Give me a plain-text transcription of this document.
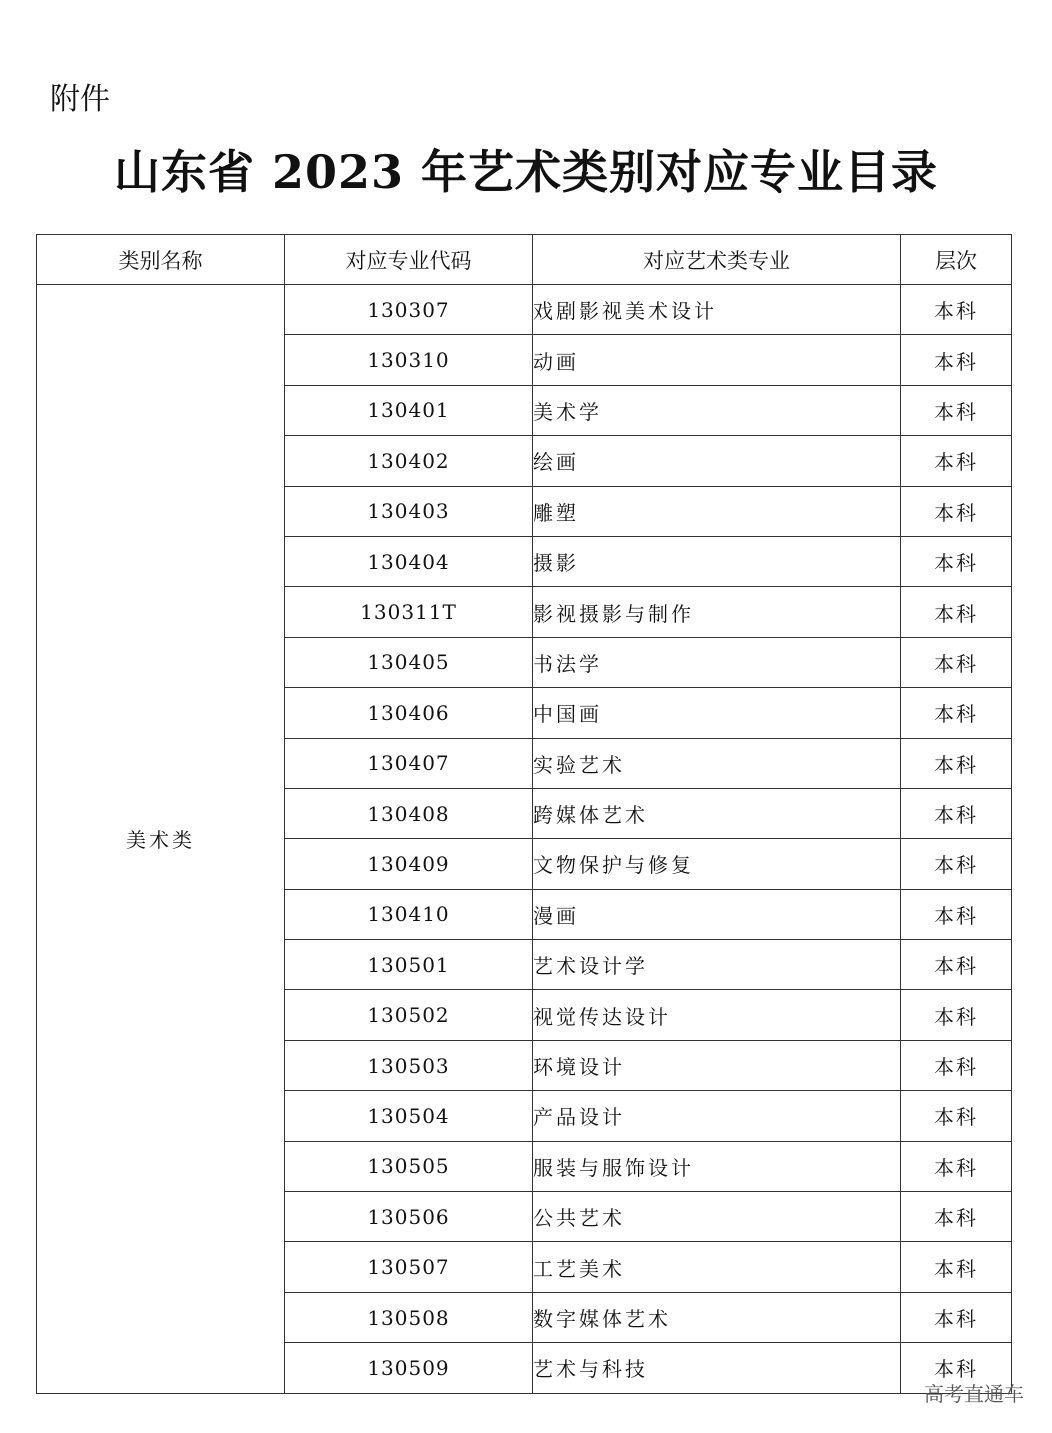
附件
山东省 2023 年艺术类别对应专业目录
类别名称	对应专业代码	对应艺术类专业	层次
美术类	130307	戏剧影视美术设计	本科
	130310	动画	本科
	130401	美术学	本科
	130402	绘画	本科
	130403	雕塑	本科
	130404	摄影	本科
	130311T	影视摄影与制作	本科
	130405	书法学	本科
	130406	中国画	本科
	130407	实验艺术	本科
	130408	跨媒体艺术	本科
	130409	文物保护与修复	本科
	130410	漫画	本科
	130501	艺术设计学	本科
	130502	视觉传达设计	本科
	130503	环境设计	本科
	130504	产品设计	本科
	130505	服装与服饰设计	本科
	130506	公共艺术	本科
	130507	工艺美术	本科
	130508	数字媒体艺术	本科
	130509	艺术与科技	本科
高考直通车
